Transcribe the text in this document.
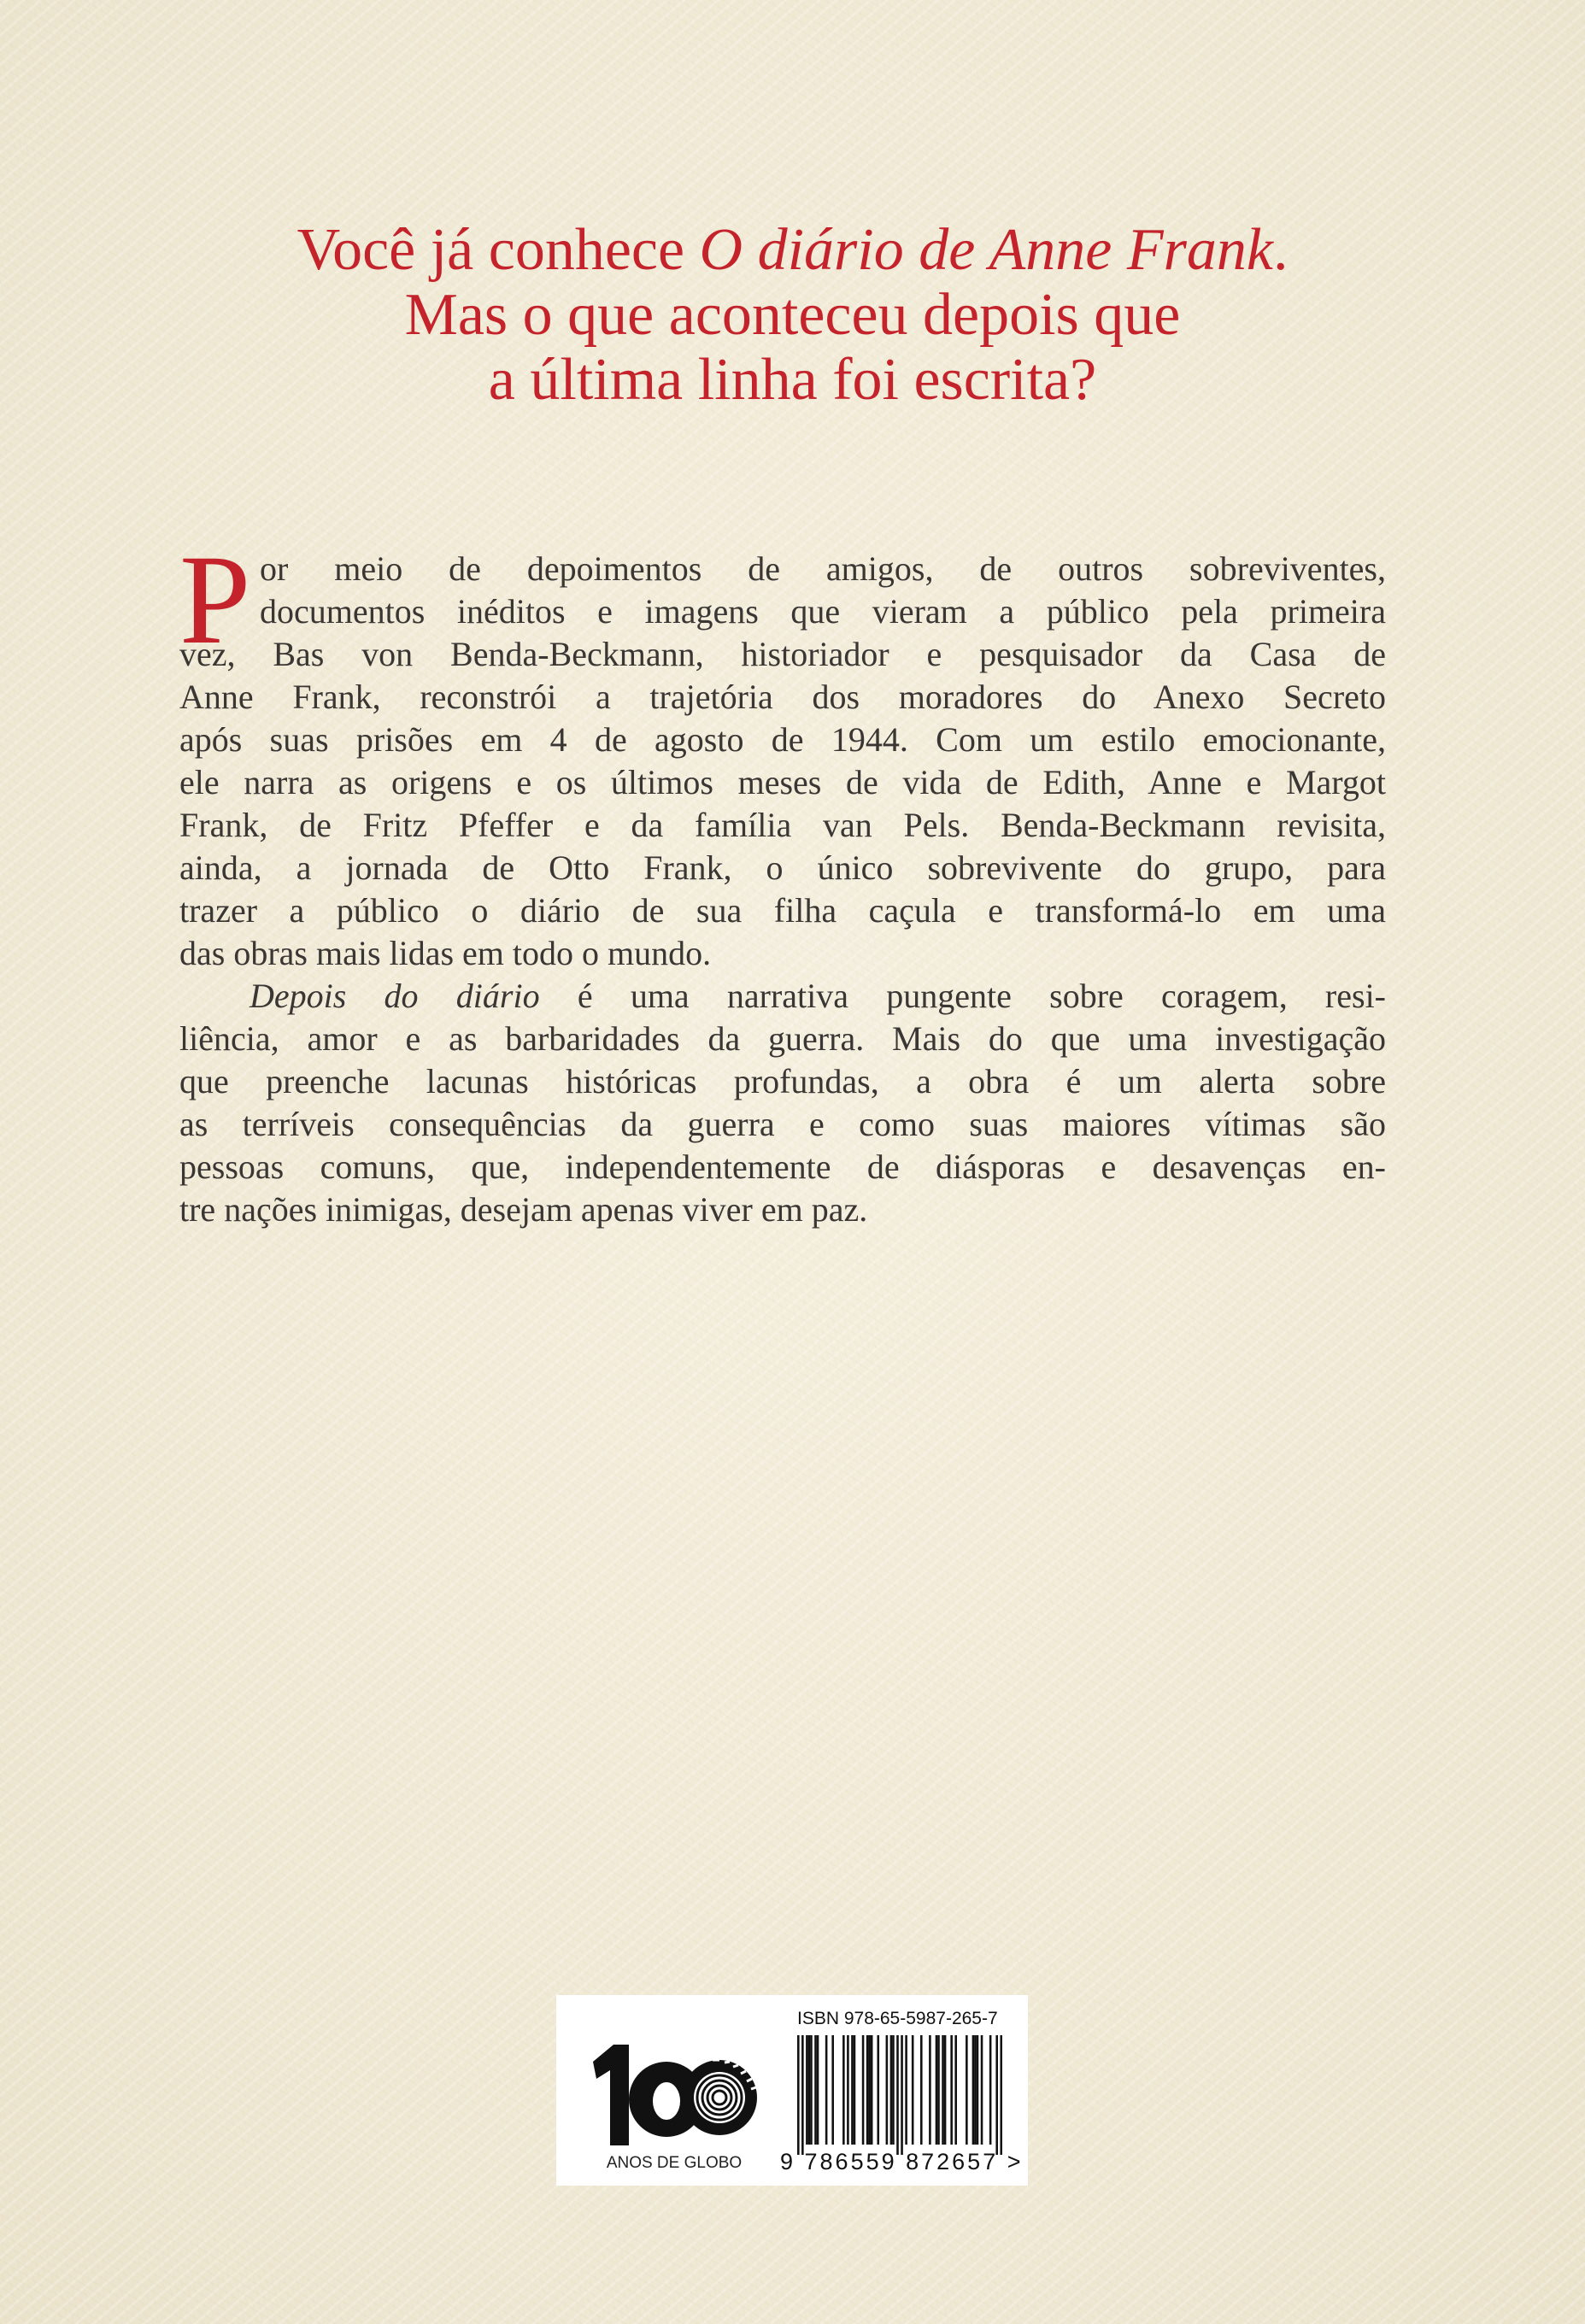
Você já conhece O diário de Anne Frank.
Mas o que aconteceu depois que
a última linha foi escrita?
P or meio de depoimentos de amigos, de outros sobreviventes,
documentos inéditos e imagens que vieram a público pela primeira
vez, Bas von Benda-Beckmann, historiador e pesquisador da Casa de
Anne Frank, reconstrói a trajetória dos moradores do Anexo Secreto
após suas prisões em 4 de agosto de 1944. Com um estilo emocionante,
ele narra as origens e os últimos meses de vida de Edith, Anne e Margot
Frank, de Fritz Pfeffer e da família van Pels. Benda-Beckmann revisita,
ainda, a jornada de Otto Frank, o único sobrevivente do grupo, para
trazer a público o diário de sua filha caçula e transformá-lo em uma
das obras mais lidas em todo o mundo.
Depois do diário é uma narrativa pungente sobre coragem, resi-
liência, amor e as barbaridades da guerra. Mais do que uma investigação
que preenche lacunas históricas profundas, a obra é um alerta sobre
as terríveis consequências da guerra e como suas maiores vítimas são
pessoas comuns, que, independentemente de diásporas e desavenças en-
tre nações inimigas, desejam apenas viver em paz.
ANOS DE GLOBO
ISBN 978-65-5987-265-7
9 786559 872657 >
